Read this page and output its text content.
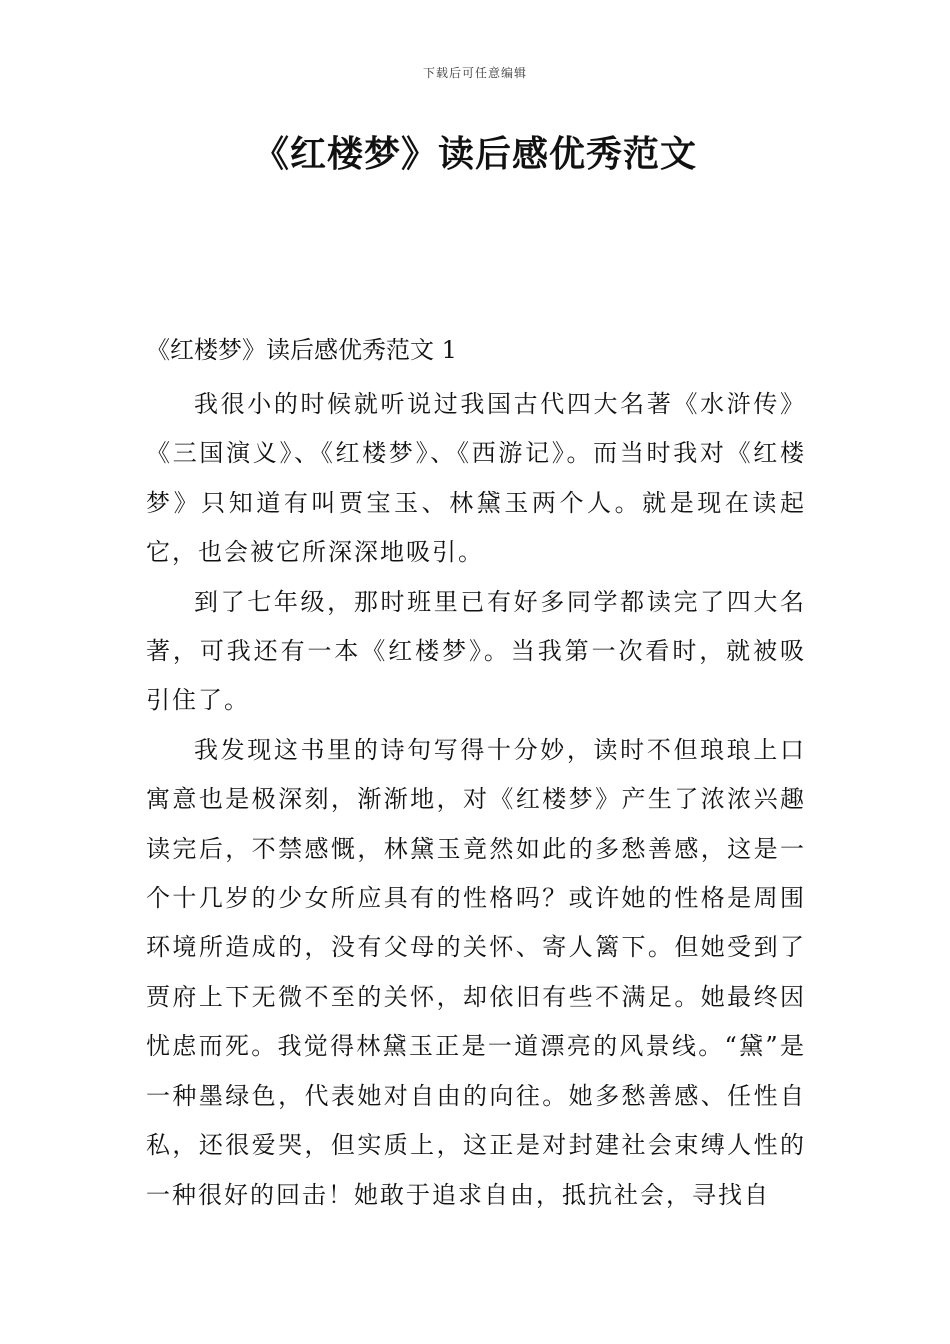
下载后可任意编辑
《红楼梦》读后感优秀范文
《红楼梦》读后感优秀范文 1

我很小的时候就听说过我国古代四大名著《水浒传》《三国演义》、《红楼梦》、《西游记》。而当时我对《红楼梦》只知道有叫贾宝玉、林黛玉两个人。就是现在读起它，也会被它所深深地吸引。

到了七年级，那时班里已有好多同学都读完了四大名著，可我还有一本《红楼梦》。当我第一次看时，就被吸引住了。

我发现这书里的诗句写得十分妙，读时不但琅琅上口寓意也是极深刻，渐渐地，对《红楼梦》产生了浓浓兴趣读完后，不禁感慨，林黛玉竟然如此的多愁善感，这是一个十几岁的少女所应具有的性格吗？或许她的性格是周围环境所造成的，没有父母的关怀、寄人篱下。但她受到了贾府上下无微不至的关怀，却依旧有些不满足。她最终因忧虑而死。我觉得林黛玉正是一道漂亮的风景线。“黛”是一种墨绿色，代表她对自由的向往。她多愁善感、任性自私，还很爱哭，但实质上，这正是对封建社会束缚人性的一种很好的回击！她敢于追求自由，抵抗社会，寻找自
